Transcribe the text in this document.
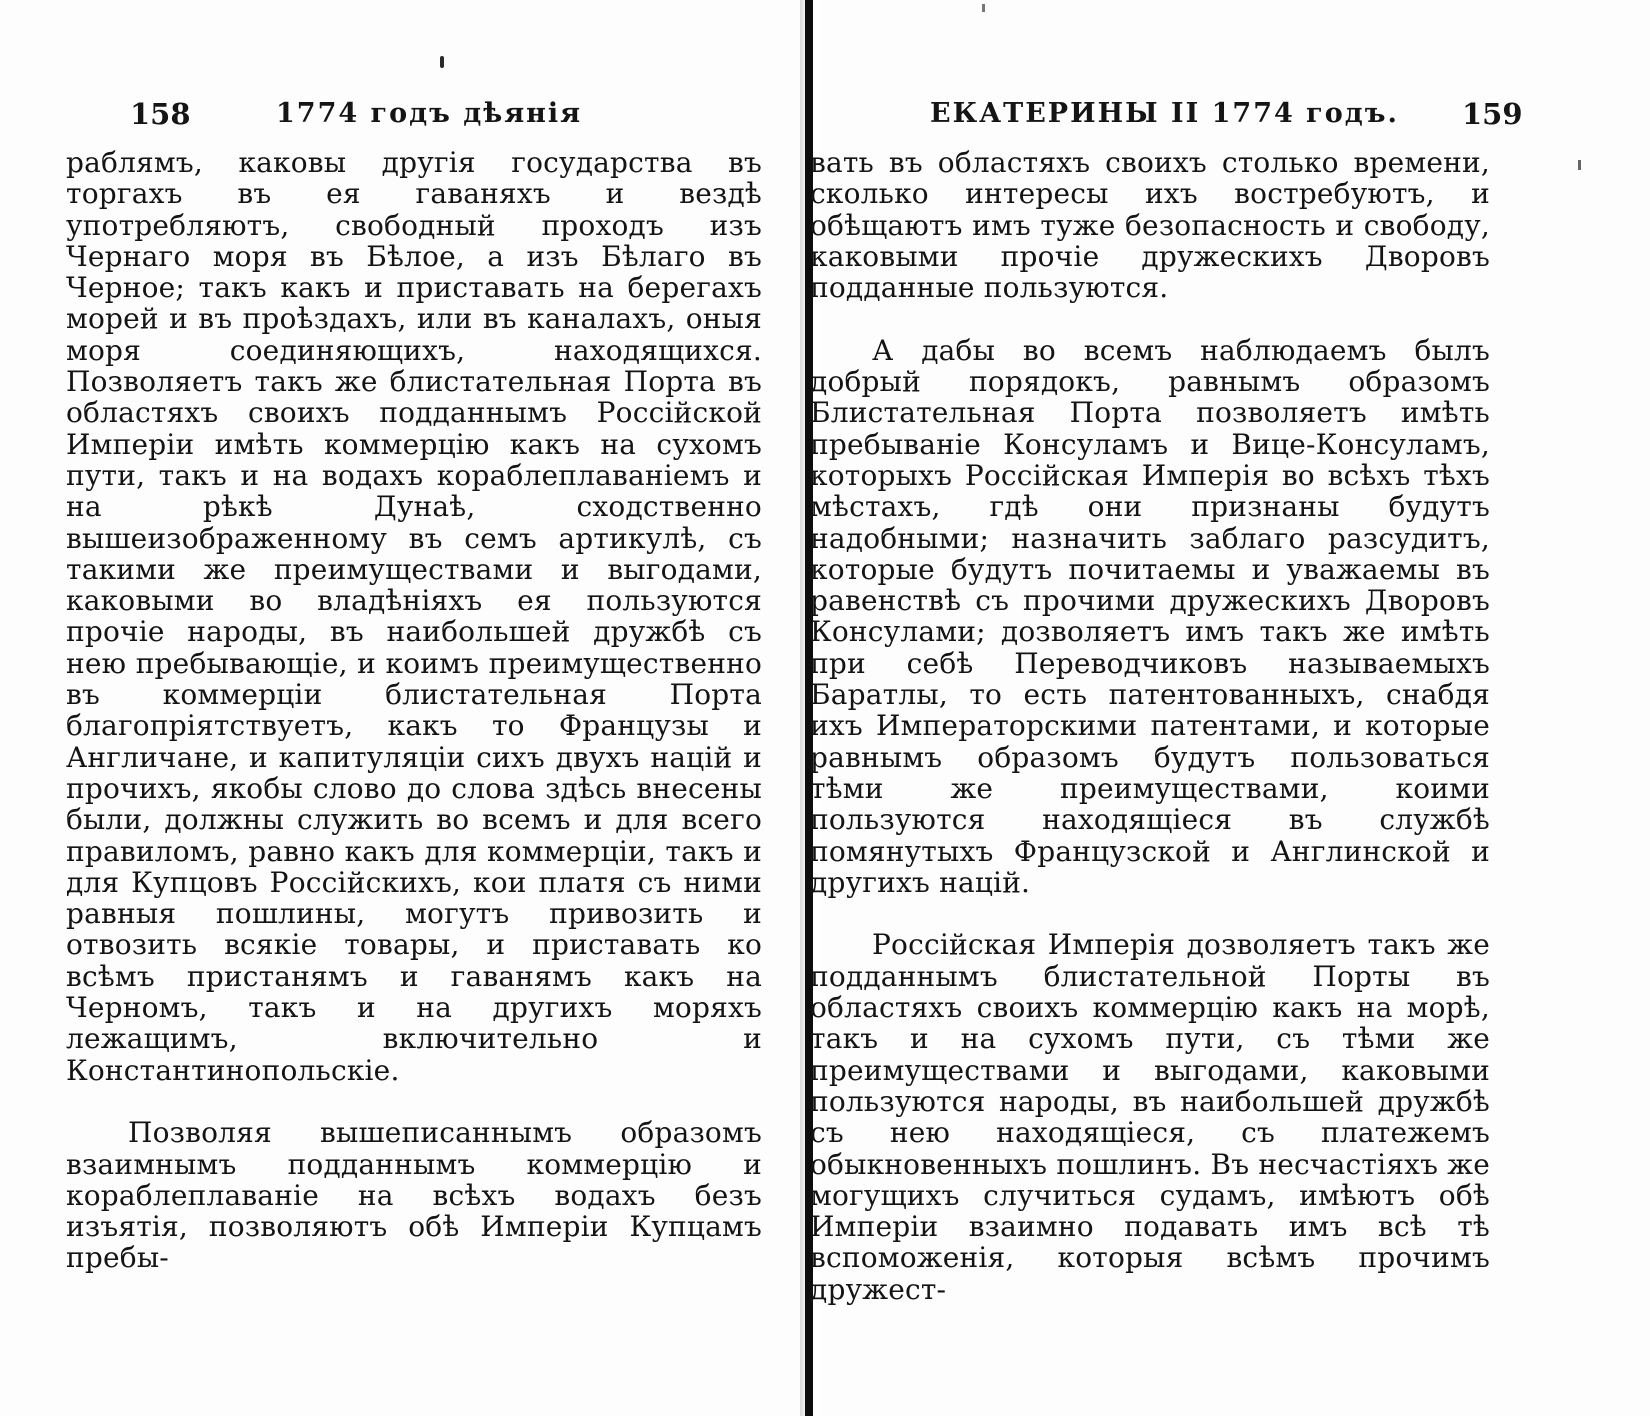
158	1774 годъ дѣянія

раблямъ, каковы другія государства въ торгахъ въ ея гаваняхъ и вездѣ употребляютъ, свободный проходъ изъ Чернаго моря въ Бѣлое, а изъ Бѣлаго въ Черное; такъ какъ и приставать на берегахъ морей и въ проѣздахъ, или въ каналахъ, оныя моря соединяющихъ, находящихся. Позволяетъ такъ же блистательная Порта въ областяхъ своихъ подданнымъ Россійской Имперіи имѣть коммерцію какъ на сухомъ пути, такъ и на водахъ кораблеплаваніемъ и на рѣкѣ Дунаѣ, сходственно вышеизображенному въ семъ артикулѣ, съ такими же преимуществами и выгодами, каковыми во владѣніяхъ ея пользуются прочіе народы, въ наибольшей дружбѣ съ нею пребывающіе, и коимъ преимущественно въ коммерціи блистательная Порта благопріятствуетъ, какъ то Французы и Англичане, и капитуляціи сихъ двухъ націй и прочихъ, якобы слово до слова здѣсь внесены были, должны служить во всемъ и для всего правиломъ, равно какъ для коммерціи, такъ и для Купцовъ Россійскихъ, кои платя съ ними равныя пошлины, могутъ привозить и отвозить всякіе товары, и приставать ко всѣмъ пристанямъ и гаванямъ какъ на Черномъ, такъ и на другихъ моряхъ лежащимъ, включительно и Константинопольскіе.

Позволяя вышеписаннымъ образомъ взаимнымъ подданнымъ коммерцію и кораблеплаваніе на всѣхъ водахъ безъ изъятія, позволяютъ обѣ Имперіи Купцамъ пребы-

ЕКАТЕРИНЫ II 1774 годъ. 159

вать въ областяхъ своихъ столько времени, сколько интересы ихъ востребуютъ, и обѣщаютъ имъ туже безопасность и свободу, каковыми прочіе дружескихъ Дворовъ подданные пользуются.

А дабы во всемъ наблюдаемъ былъ добрый порядокъ, равнымъ образомъ Блистательная Порта позволяетъ имѣть пребываніе Консуламъ и Вице-Консуламъ, которыхъ Россійская Имперія во всѣхъ тѣхъ мѣстахъ, гдѣ они признаны будутъ надобными; назначить заблаго разсудитъ, которые будутъ почитаемы и уважаемы въ равенствѣ съ прочими дружескихъ Дворовъ Консулами; дозволяетъ имъ такъ же имѣть при себѣ Переводчиковъ называемыхъ Баратлы, то есть патентованныхъ, снабдя ихъ Императорскими патентами, и которые равнымъ образомъ будутъ пользоваться тѣми же преимуществами, коими пользуются находящіеся въ службѣ помянутыхъ Французской и Англинской и другихъ націй.

Россійская Имперія дозволяетъ такъ же подданнымъ блистательной Порты въ областяхъ своихъ коммерцію какъ на морѣ, такъ и на сухомъ пути, съ тѣми же преимуществами и выгодами, каковыми пользуются народы, въ наибольшей дружбѣ съ нею находящіеся, съ платежемъ обыкновенныхъ пошлинъ. Въ несчастіяхъ же могущихъ случиться судамъ, имѣютъ обѣ Имперіи взаимно подавать имъ всѣ тѣ вспоможенія, которыя всѣмъ прочимъ дружест-
